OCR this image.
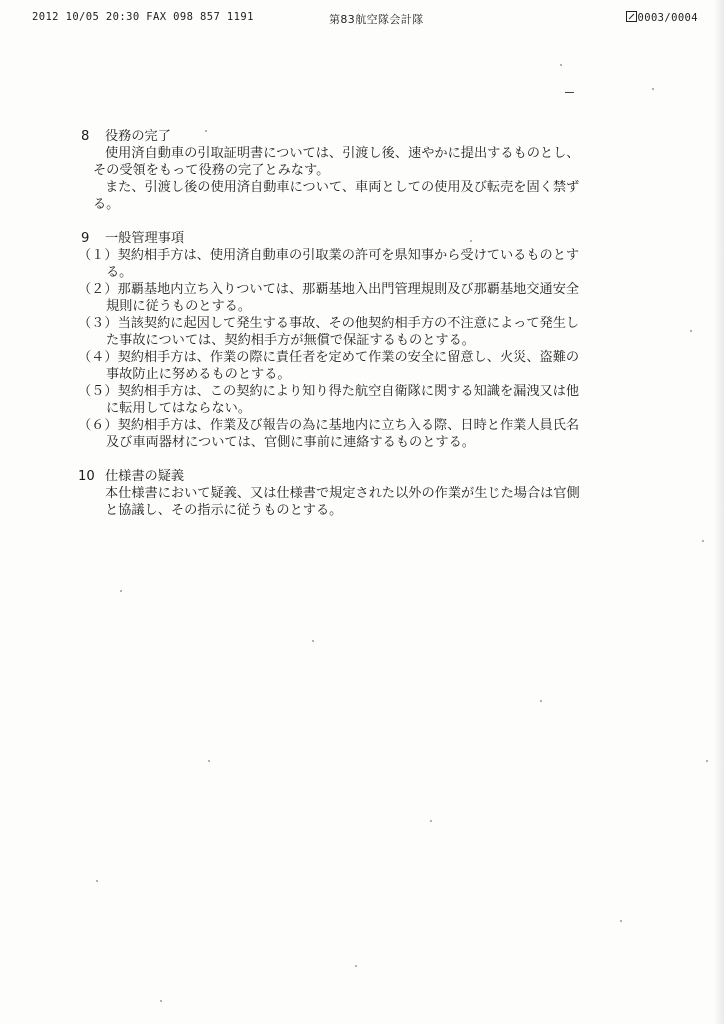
2012 10/05 20:30 FAX 098 857 1191	第83航空隊会計隊	0003/0004
8 役務の完了
使用済自動車の引取証明書については、引渡し後、速やかに提出するものとし、
その受領をもって役務の完了とみなす。
また、引渡し後の使用済自動車について、車両としての使用及び転売を固く禁ず
る。
9 一般管理事項
（１）契約相手方は、使用済自動車の引取業の許可を県知事から受けているものとす
る。
（２）那覇基地内立ち入りついては、那覇基地入出門管理規則及び那覇基地交通安全
規則に従うものとする。
（３）当該契約に起因して発生する事故、その他契約相手方の不注意によって発生し
た事故については、契約相手方が無償で保証するものとする。
（４）契約相手方は、作業の際に責任者を定めて作業の安全に留意し、火災、盗難の
事故防止に努めるものとする。
（５）契約相手方は、この契約により知り得た航空自衛隊に関する知識を漏洩又は他
に転用してはならない。
（６）契約相手方は、作業及び報告の為に基地内に立ち入る際、日時と作業人員氏名
及び車両器材については、官側に事前に連絡するものとする。
10 仕様書の疑義
本仕様書において疑義、又は仕様書で規定された以外の作業が生じた場合は官側
と協議し、その指示に従うものとする。
